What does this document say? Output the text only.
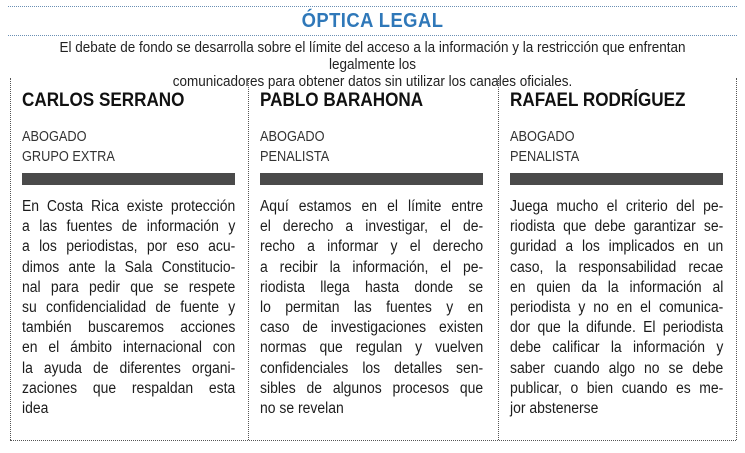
ÓPTICA LEGAL
El debate de fondo se desarrolla sobre el límite del acceso a la información y la restricción que enfrentan legalmente los
comunicadores para obtener datos sin utilizar los canales oficiales.
CARLOS SERRANO
ABOGADO
GRUPO EXTRA
En Costa Rica existe protección
a las fuentes de información y
a los periodistas, por eso acu-
dimos ante la Sala Constitucio-
nal para pedir que se respete
su confidencialidad de fuente y
también buscaremos acciones
en el ámbito internacional con
la ayuda de diferentes organi-
zaciones que respaldan esta
idea
PABLO BARAHONA
ABOGADO
PENALISTA
Aquí estamos en el límite entre
el derecho a investigar, el de-
recho a informar y el derecho
a recibir la información, el pe-
riodista llega hasta donde se
lo permitan las fuentes y en
caso de investigaciones existen
normas que regulan y vuelven
confidenciales los detalles sen-
sibles de algunos procesos que
no se revelan
RAFAEL RODRÍGUEZ
ABOGADO
PENALISTA
Juega mucho el criterio del pe-
riodista que debe garantizar se-
guridad a los implicados en un
caso, la responsabilidad recae
en quien da la información al
periodista y no en el comunica-
dor que la difunde. El periodista
debe calificar la información y
saber cuando algo no se debe
publicar, o bien cuando es me-
jor abstenerse
